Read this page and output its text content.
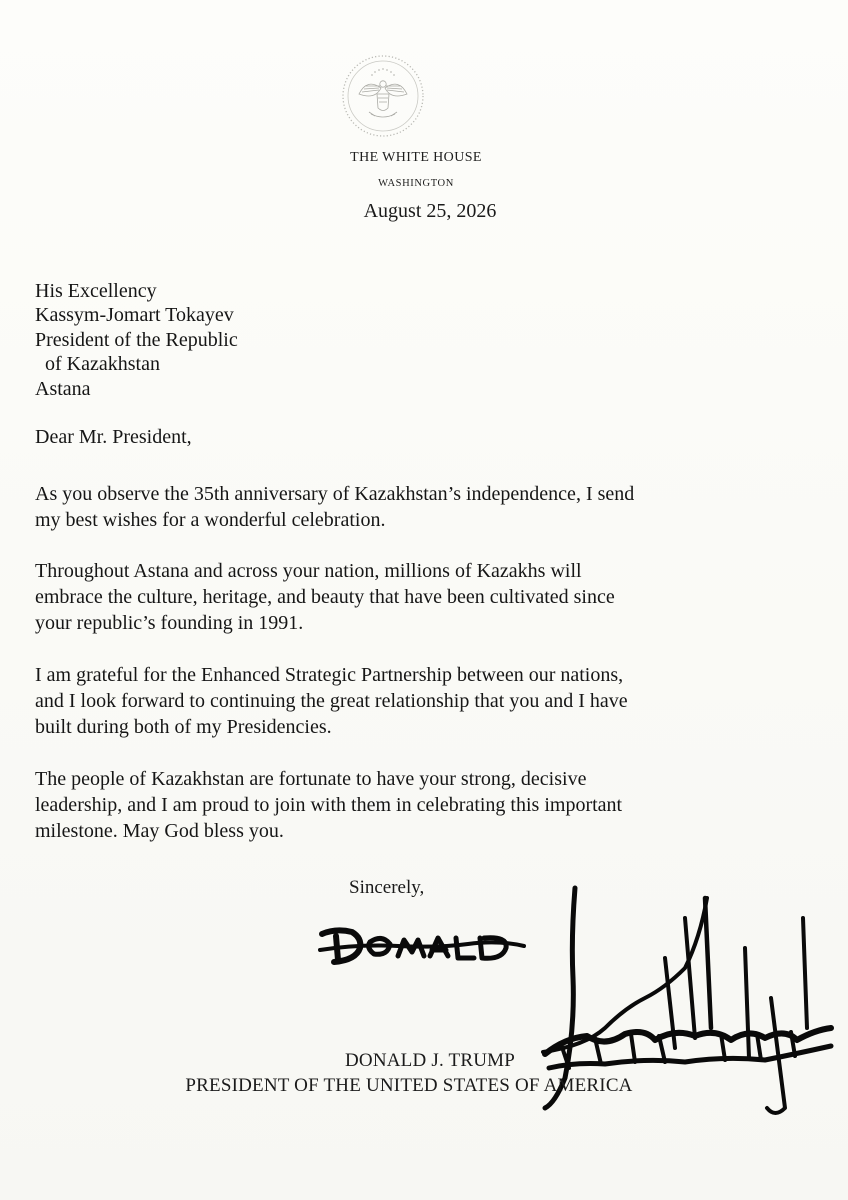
THE WHITE HOUSE
WASHINGTON
August 25, 2026
His Excellency
Kassym-Jomart Tokayev
President of the Republic
of Kazakhstan
Astana
Dear Mr. President,
As you observe the 35th anniversary of Kazakhstan’s independence, I send
my best wishes for a wonderful celebration.
Throughout Astana and across your nation, millions of Kazakhs will
embrace the culture, heritage, and beauty that have been cultivated since
your republic’s founding in 1991.
I am grateful for the Enhanced Strategic Partnership between our nations,
and I look forward to continuing the great relationship that you and I have
built during both of my Presidencies.
The people of Kazakhstan are fortunate to have your strong, decisive
leadership, and I am proud to join with them in celebrating this important
milestone. May God bless you.
Sincerely,
DONALD J. TRUMP
PRESIDENT OF THE UNITED STATES OF AMERICA
